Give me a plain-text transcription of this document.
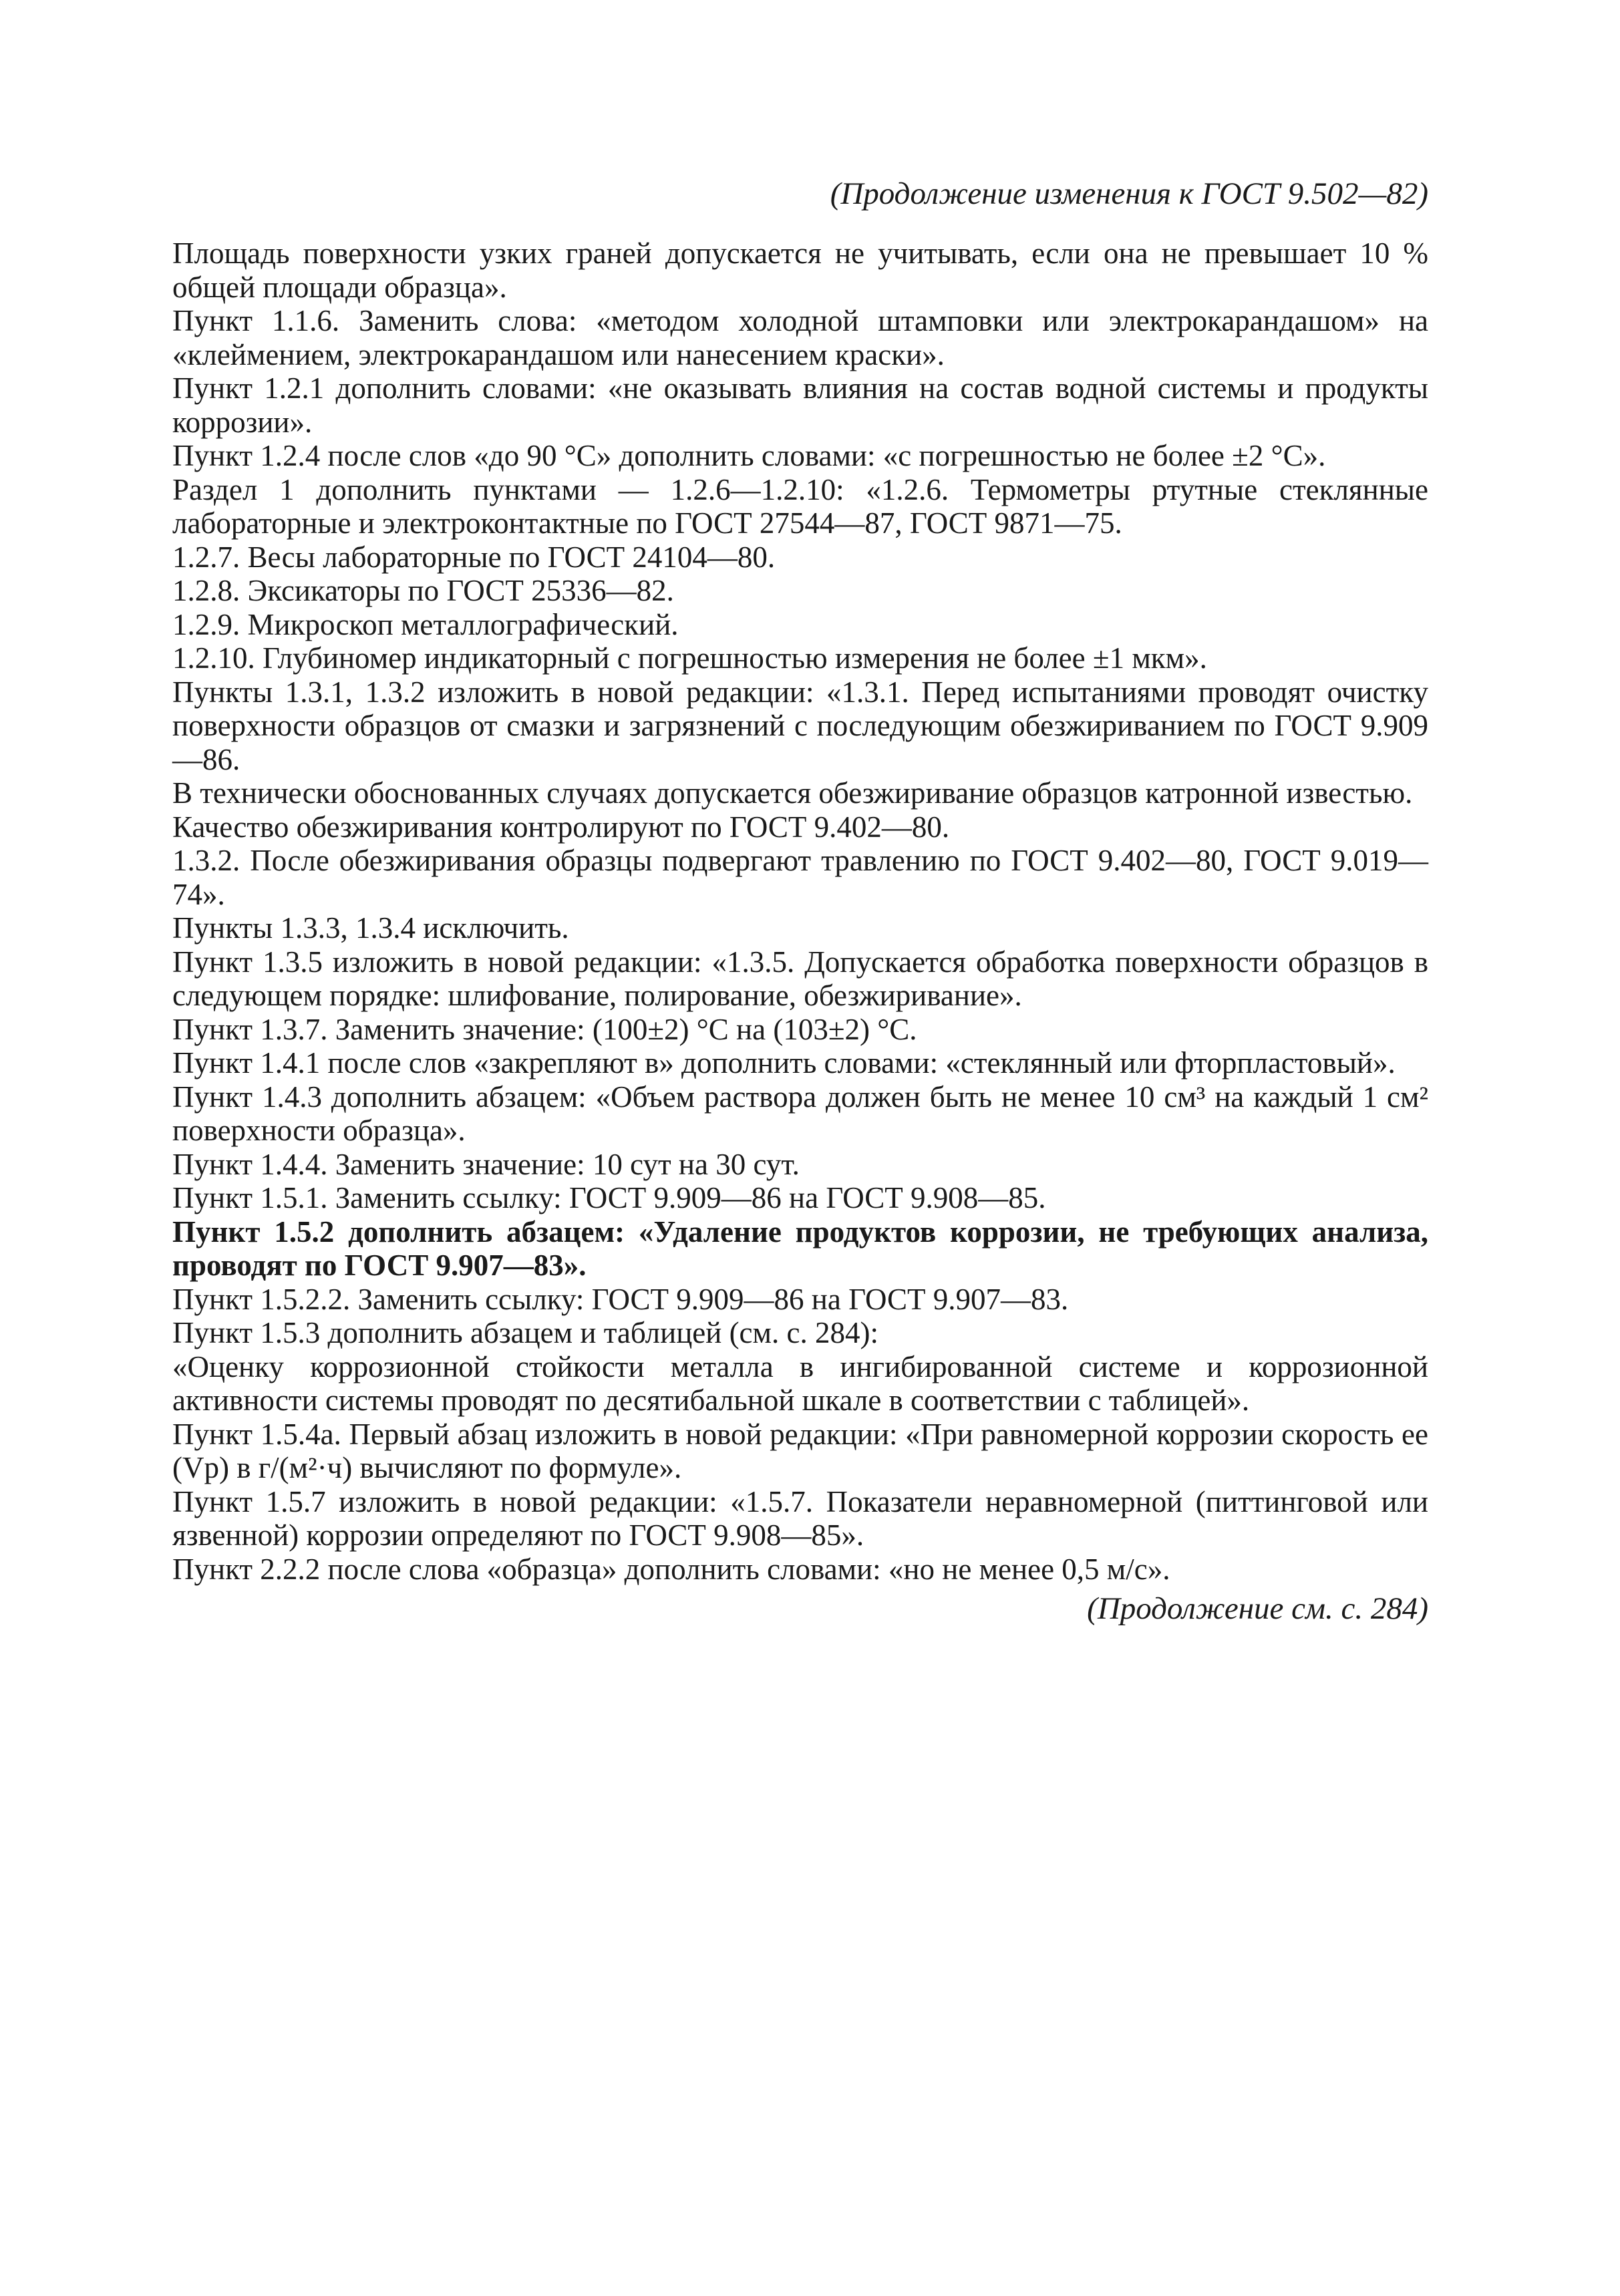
(Продолжение изменения к ГОСТ 9.502—82)

Площадь поверхности узких граней допускается не учитывать, если она не превышает 10 % общей площади образца».

Пункт 1.1.6. Заменить слова: «методом холодной штамповки или электрокарандашом» на «клеймением, электрокарандашом или нанесением краски».

Пункт 1.2.1 дополнить словами: «не оказывать влияния на состав водной системы и продукты коррозии».

Пункт 1.2.4 после слов «до 90 °С» дополнить словами: «с погрешностью не более ±2 °С».

Раздел 1 дополнить пунктами — 1.2.6—1.2.10: «1.2.6. Термометры ртутные стеклянные лабораторные и электроконтактные по ГОСТ 27544—87, ГОСТ 9871—75.

1.2.7. Весы лабораторные по ГОСТ 24104—80.

1.2.8. Эксикаторы по ГОСТ 25336—82.

1.2.9. Микроскоп металлографический.

1.2.10. Глубиномер индикаторный с погрешностью измерения не более ±1 мкм».

Пункты 1.3.1, 1.3.2 изложить в новой редакции: «1.3.1. Перед испытаниями проводят очистку поверхности образцов от смазки и загрязнений с последующим обезжириванием по ГОСТ 9.909—86.

В технически обоснованных случаях допускается обезжиривание образцов катронной известью.

Качество обезжиривания контролируют по ГОСТ 9.402—80.

1.3.2. После обезжиривания образцы подвергают травлению по ГОСТ 9.402—80, ГОСТ 9.019—74».

Пункты 1.3.3, 1.3.4 исключить.

Пункт 1.3.5 изложить в новой редакции: «1.3.5. Допускается обработка поверхности образцов в следующем порядке: шлифование, полирование, обезжиривание».

Пункт 1.3.7. Заменить значение: (100±2) °С на (103±2) °С.

Пункт 1.4.1 после слов «закрепляют в» дополнить словами: «стеклянный или фторпластовый».

Пункт 1.4.3 дополнить абзацем: «Объем раствора должен быть не менее 10 см³ на каждый 1 см² поверхности образца».

Пункт 1.4.4. Заменить значение: 10 сут на 30 сут.

Пункт 1.5.1. Заменить ссылку: ГОСТ 9.909—86 на ГОСТ 9.908—85.

Пункт 1.5.2 дополнить абзацем: «Удаление продуктов коррозии, не требующих анализа, проводят по ГОСТ 9.907—83».

Пункт 1.5.2.2. Заменить ссылку: ГОСТ 9.909—86 на ГОСТ 9.907—83.

Пункт 1.5.3 дополнить абзацем и таблицей (см. с. 284):

«Оценку коррозионной стойкости металла в ингибированной системе и коррозионной активности системы проводят по десятибальной шкале в соответствии с таблицей».

Пункт 1.5.4а. Первый абзац изложить в новой редакции: «При равномерной коррозии скорость ее (Vр) в г/(м²·ч) вычисляют по формуле».

Пункт 1.5.7 изложить в новой редакции: «1.5.7. Показатели неравномерной (питтинговой или язвенной) коррозии определяют по ГОСТ 9.908—85».

Пункт 2.2.2 после слова «образца» дополнить словами: «но не менее 0,5 м/с».

(Продолжение см. с. 284)
